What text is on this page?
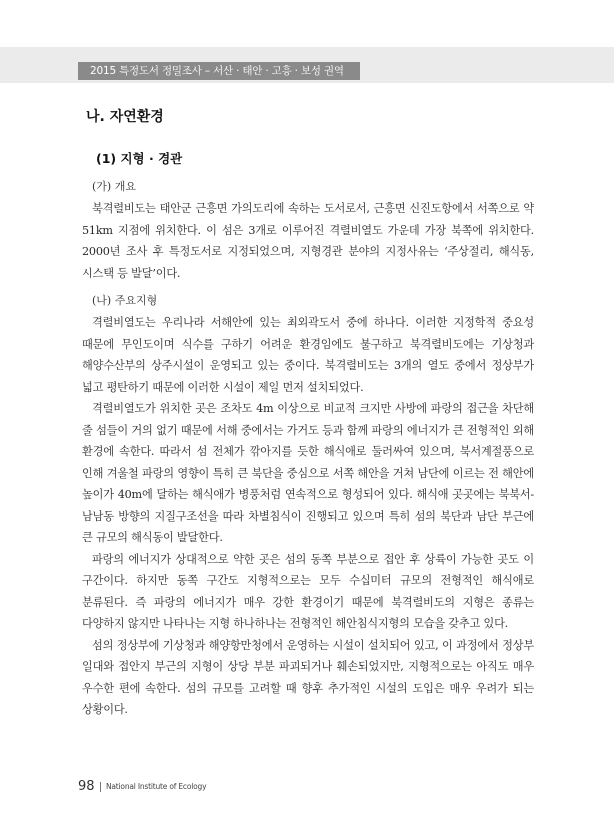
2015 특정도서 정밀조사 – 서산 · 태안 · 고흥 · 보성 권역
나. 자연환경
(1) 지형 · 경관
(가) 개요

북격렬비도는 태안군 근흥면 가의도리에 속하는 도서로서, 근흥면 신진도항에서 서쪽으로 약 51km 지점에 위치한다. 이 섬은 3개로 이루어진 격렬비열도 가운데 가장 북쪽에 위치한다. 2000년 조사 후 특정도서로 지정되었으며, 지형경관 분야의 지정사유는 ‘주상절리, 해식동, 시스택 등 발달’이다.

(나) 주요지형

격렬비열도는 우리나라 서해안에 있는 최외곽도서 중에 하나다. 이러한 지정학적 중요성 때문에 무인도이며 식수를 구하기 어려운 환경임에도 불구하고 북격렬비도에는 기상청과 해양수산부의 상주시설이 운영되고 있는 중이다. 북격렬비도는 3개의 열도 중에서 정상부가 넓고 평탄하기 때문에 이러한 시설이 제일 먼저 설치되었다.

격렬비열도가 위치한 곳은 조차도 4m 이상으로 비교적 크지만 사방에 파랑의 접근을 차단해 줄 섬들이 거의 없기 때문에 서해 중에서는 가거도 등과 함께 파랑의 에너지가 큰 전형적인 외해 환경에 속한다. 따라서 섬 전체가 깎아지를 듯한 해식애로 둘러싸여 있으며, 북서계절풍으로 인해 겨울철 파랑의 영향이 특히 큰 북단을 중심으로 서쪽 해안을 거쳐 남단에 이르는 전 해안에 높이가 40m에 달하는 해식애가 병풍처럼 연속적으로 형성되어 있다. 해식애 곳곳에는 북북서-남남동 방향의 지질구조선을 따라 차별침식이 진행되고 있으며 특히 섬의 북단과 남단 부근에 큰 규모의 해식동이 발달한다.

파랑의 에너지가 상대적으로 약한 곳은 섬의 동쪽 부분으로 접안 후 상륙이 가능한 곳도 이 구간이다. 하지만 동쪽 구간도 지형적으로는 모두 수십미터 규모의 전형적인 해식애로 분류된다. 즉 파랑의 에너지가 매우 강한 환경이기 때문에 북격렬비도의 지형은 종류는 다양하지 않지만 나타나는 지형 하나하나는 전형적인 해안침식지형의 모습을 갖추고 있다.

섬의 정상부에 기상청과 해양항만청에서 운영하는 시설이 설치되어 있고, 이 과정에서 정상부 일대와 접안지 부근의 지형이 상당 부분 파괴되거나 훼손되었지만, 지형적으로는 아직도 매우 우수한 편에 속한다. 섬의 규모를 고려할 때 향후 추가적인 시설의 도입은 매우 우려가 되는 상황이다.

98 National Institute of Ecology
